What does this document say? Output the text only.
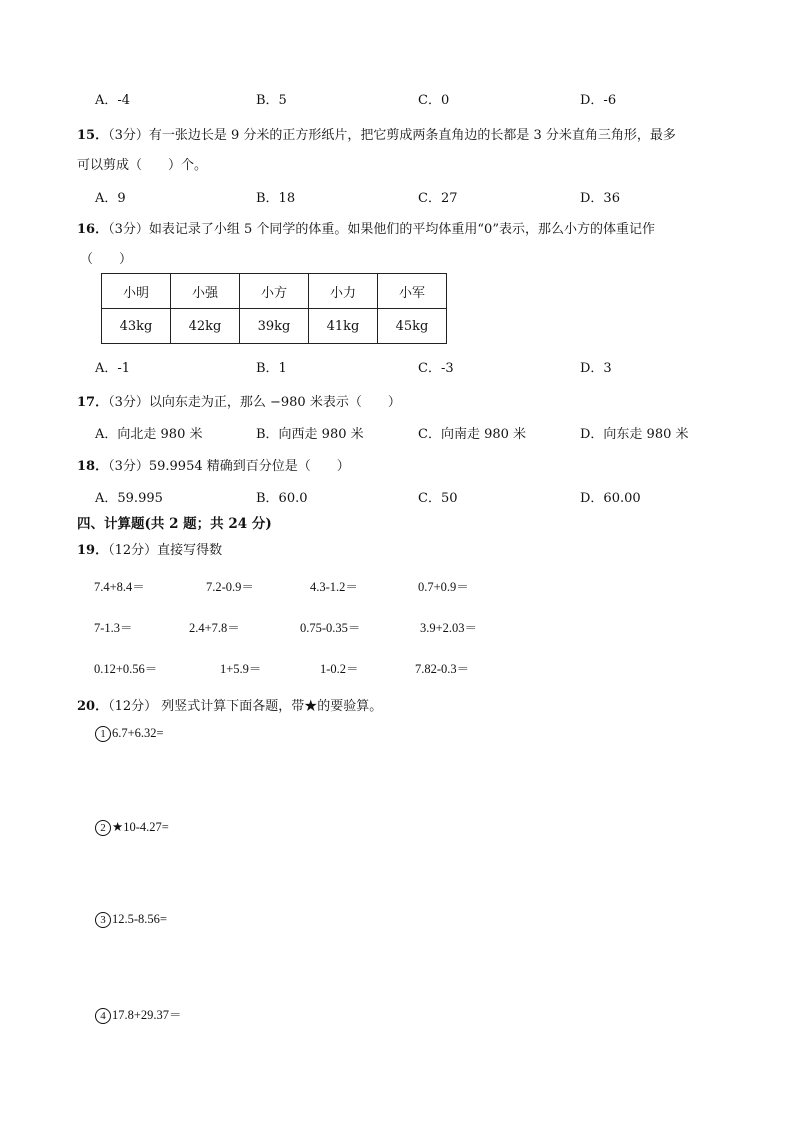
A．-4	B．5	C．0	D．-6
15．（3分）有一张边长是 9 分米的正方形纸片，把它剪成两条直角边的长都是 3 分米直角三角形，最多
可以剪成（　　）个。
A．9	B．18	C．27	D．36
16．（3分）如表记录了小组 5 个同学的体重。如果他们的平均体重用“0”表示，那么小方的体重记作
（　　）
小明	小强	小方	小力	小军
43kg	42kg	39kg	41kg	45kg
A．-1	B．1	C．-3	D．3
17．（3分）以向东走为正，那么 −980 米表示（　　）
A．向北走 980 米	B．向西走 980 米	C．向南走 980 米	D．向东走 980 米
18．（3分）59.9954 精确到百分位是（　　）
A．59.995	B．60.0	C．50	D．60.00
四、计算题(共 2 题；共 24 分)
19．（12分）直接写得数
7.4+8.4＝	7.2-0.9＝	4.3-1.2＝	0.7+0.9＝
7-1.3＝	2.4+7.8＝	0.75-0.35＝	3.9+2.03＝
0.12+0.56＝	1+5.9＝	1-0.2＝	7.82-0.3＝
20．（12分） 列竖式计算下面各题，带★的要验算。
1 6.7+6.32=
2 ★10-4.27=
3 12.5-8.56=
4 17.8+29.37＝
